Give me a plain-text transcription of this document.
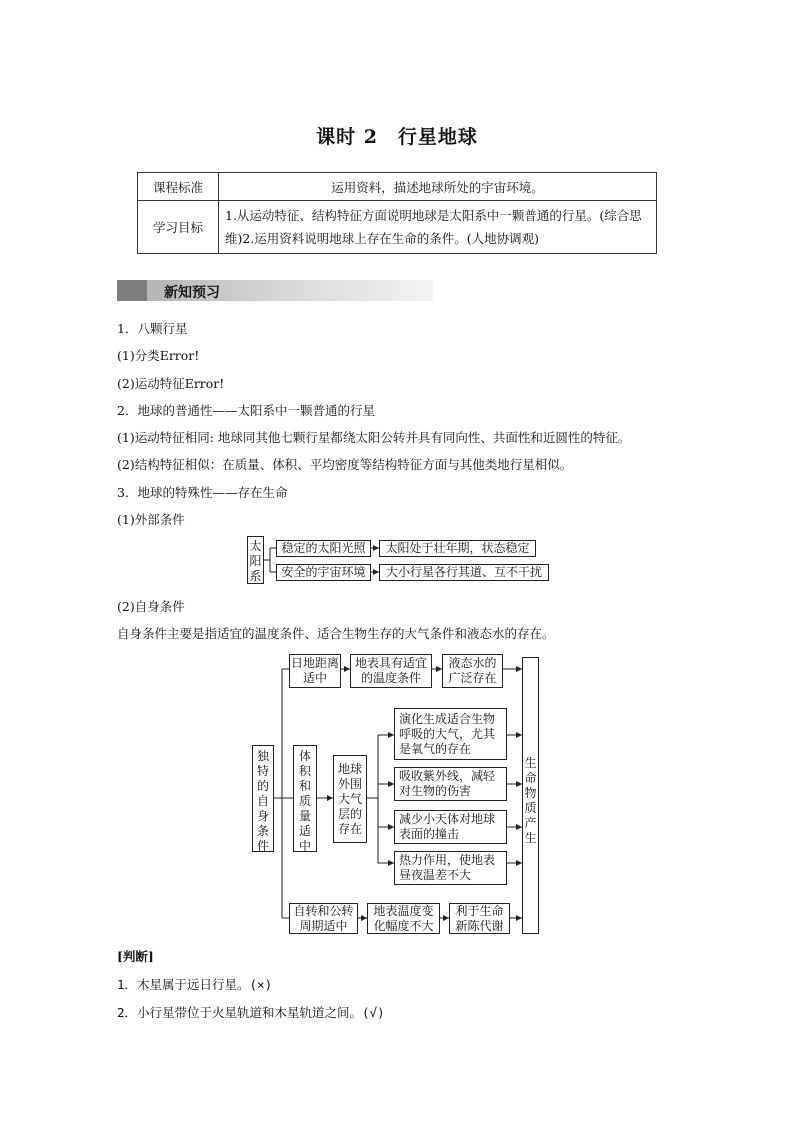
课时 2　行星地球
课程标准	运用资料，描述地球所处的宇宙环境。
学习目标	1.从运动特征、结构特征方面说明地球是太阳系中一颗普通的行星。(综合思维)2.运用资料说明地球上存在生命的条件。(人地协调观)
新知预习
1．八颗行星
(1)分类Error!
(2)运动特征Error!
2．地球的普通性——太阳系中一颗普通的行星
(1)运动特征相同: 地球同其他七颗行星都绕太阳公转并具有同向性、共面性和近圆性的特征。
(2)结构特征相似：在质量、体积、平均密度等结构特征方面与其他类地行星相似。
3．地球的特殊性——存在生命
(1)外部条件
太阳系
稳定的太阳光照	太阳处于壮年期，状态稳定
安全的宇宙环境	大小行星各行其道、互不干扰
(2)自身条件
自身条件主要是指适宜的温度条件、适合生物生存的大气条件和液态水的存在。
独特的自身条件
日地距离适中
地表具有适宜的温度条件
液态水的广泛存在
体积和质量适中
地球外围大气层的存在
演化生成适合生物呼吸的大气，尤其是氧气的存在
吸收紫外线，减轻对生物的伤害
减少小天体对地球表面的撞击
热力作用，使地表昼夜温差不大
自转和公转周期适中
地表温度变化幅度不大
利于生命新陈代谢
生命物质产生
[判断]
1．木星属于远日行星。(×)
2．小行星带位于火星轨道和木星轨道之间。(√)
